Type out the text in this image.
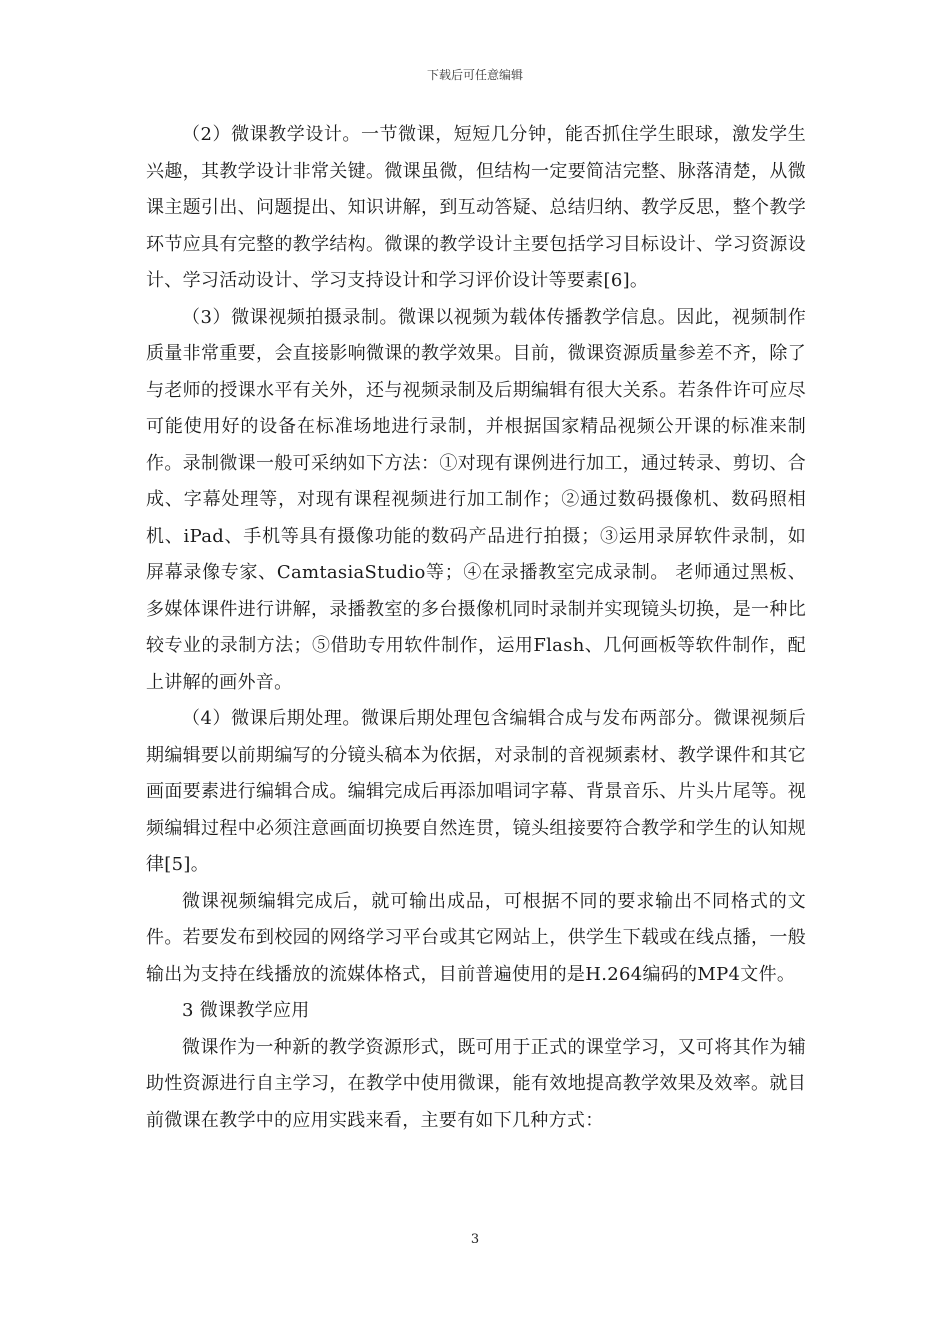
下载后可任意编辑

（2）微课教学设计。一节微课，短短几分钟，能否抓住学生眼球，激发学生兴趣，其教学设计非常关键。微课虽微，但结构一定要简洁完整、脉落清楚，从微课主题引出、问题提出、知识讲解，到互动答疑、总结归纳、教学反思，整个教学环节应具有完整的教学结构。微课的教学设计主要包括学习目标设计、学习资源设计、学习活动设计、学习支持设计和学习评价设计等要素[6]。

（3）微课视频拍摄录制。微课以视频为载体传播教学信息。因此，视频制作质量非常重要，会直接影响微课的教学效果。目前，微课资源质量参差不齐，除了与老师的授课水平有关外，还与视频录制及后期编辑有很大关系。若条件许可应尽可能使用好的设备在标准场地进行录制，并根据国家精品视频公开课的标准来制作。录制微课一般可采纳如下方法：①对现有课例进行加工，通过转录、剪切、合成、字幕处理等，对现有课程视频进行加工制作；②通过数码摄像机、数码照相机、iPad、手机等具有摄像功能的数码产品进行拍摄；③运用录屏软件录制，如屏幕录像专家、CamtasiaStudio等；④在录播教室完成录制。 老师通过黑板、多媒体课件进行讲解，录播教室的多台摄像机同时录制并实现镜头切换，是一种比较专业的录制方法；⑤借助专用软件制作，运用Flash、几何画板等软件制作，配上讲解的画外音。

（4）微课后期处理。微课后期处理包含编辑合成与发布两部分。微课视频后期编辑要以前期编写的分镜头稿本为依据，对录制的音视频素材、教学课件和其它画面要素进行编辑合成。编辑完成后再添加唱词字幕、背景音乐、片头片尾等。视频编辑过程中必须注意画面切换要自然连贯，镜头组接要符合教学和学生的认知规律[5]。

微课视频编辑完成后，就可输出成品，可根据不同的要求输出不同格式的文件。若要发布到校园的网络学习平台或其它网站上，供学生下载或在线点播，一般输出为支持在线播放的流媒体格式，目前普遍使用的是H.264编码的MP4文件。

3 微课教学应用

微课作为一种新的教学资源形式，既可用于正式的课堂学习，又可将其作为辅助性资源进行自主学习，在教学中使用微课，能有效地提高教学效果及效率。就目前微课在教学中的应用实践来看，主要有如下几种方式：

3
